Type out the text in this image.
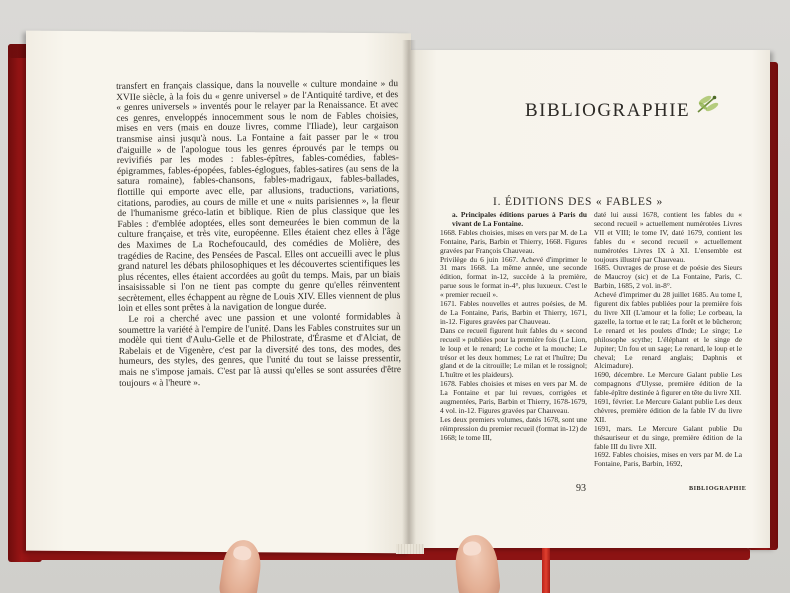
transfert en français classique, dans la nouvelle « culture mondaine » du XVIIe siècle, à la fois du « genre universel » de l'Antiquité tardive, et des « genres universels » inventés pour le relayer par la Renaissance. Et avec ces genres, enveloppés innocemment sous le nom de Fables choisies, mises en vers (mais en douze livres, comme l'Iliade), leur cargaison transmise ainsi jusqu'à nous. La Fontaine a fait passer par le « trou d'aiguille » de l'apologue tous les genres éprouvés par le temps ou revivifiés par les modes : fables-épîtres, fables-comédies, fables-épigrammes, fables-épopées, fables-églogues, fables-satires (au sens de la satura romaine), fables-chansons, fables-madrigaux, fables-ballades, flottille qui emporte avec elle, par allusions, traductions, variations, citations, parodies, au cours de mille et une « nuits parisiennes », la fleur de l'humanisme gréco-latin et biblique. Rien de plus classique que les Fables : d'emblée adoptées, elles sont demeurées le bien commun de la culture française, et très vite, européenne. Elles étaient chez elles à l'âge des Maximes de La Rochefoucauld, des comédies de Molière, des tragédies de Racine, des Pensées de Pascal. Elles ont accueilli avec le plus grand naturel les débats philosophiques et les découvertes scientifiques les plus récentes, elles étaient accordées au goût du temps. Mais, par un biais insaisissable si l'on ne tient pas compte du genre qu'elles réinventent secrètement, elles échappent au règne de Louis XIV. Elles viennent de plus loin et elles sont prêtes à la navigation de longue durée.

Le roi a cherché avec une passion et une volonté formidables à soumettre la variété à l'empire de l'unité. Dans les Fables construites sur un modèle qui tient d'Aulu-Gelle et de Philostrate, d'Érasme et d'Alciat, de Rabelais et de Vigenère, c'est par la diversité des tons, des modes, des humeurs, des styles, des genres, que l'unité du tout se laisse pressentir, mais ne s'impose jamais. C'est par là aussi qu'elles se sont assurées d'être toujours « à l'heure ».

BIBLIOGRAPHIE
I. ÉDITIONS DES « FABLES »
a. Principales éditions parues à Paris du vivant de La Fontaine.

1668. Fables choisies, mises en vers par M. de La Fontaine, Paris, Barbin et Thierry, 1668. Figures gravées par François Chauveau.

Privilège du 6 juin 1667. Achevé d'imprimer le 31 mars 1668. La même année, une seconde édition, format in-12, succède à la première, parue sous le format in-4°, plus luxueux. C'est le « premier recueil ».

1671. Fables nouvelles et autres poésies, de M. de La Fontaine, Paris, Barbin et Thierry, 1671, in-12. Figures gravées par Chauveau.

Dans ce recueil figurent huit fables du « second recueil » publiées pour la première fois (Le Lion, le loup et le renard; Le coche et la mouche; Le trésor et les deux hommes; Le rat et l'huître; Du gland et de la citrouille; Le milan et le rossignol; L'huître et les plaideurs).

1678. Fables choisies et mises en vers par M. de La Fontaine et par lui revues, corrigées et augmentées, Paris, Barbin et Thierry, 1678-1679, 4 vol. in-12. Figures gravées par Chauveau.

Les deux premiers volumes, datés 1678, sont une réimpression du premier recueil (format in-12) de 1668; le tome III,

daté lui aussi 1678, contient les fables du « second recueil » actuellement numérotées Livres VII et VIII; le tome IV, daté 1679, contient les fables du « second recueil » actuellement numérotées Livres IX à XI. L'ensemble est toujours illustré par Chauveau.

1685. Ouvrages de prose et de poésie des Sieurs de Maucroy (sic) et de La Fontaine, Paris, C. Barbin, 1685, 2 vol. in-8°.

Achevé d'imprimer du 28 juillet 1685. Au tome I, figurent dix fables publiées pour la première fois du livre XII (L'amour et la folie; Le corbeau, la gazelle, la tortue et le rat; La forêt et le bûcheron; Le renard et les poulets d'Inde; Le singe; Le philosophe scythe; L'éléphant et le singe de Jupiter; Un fou et un sage; Le renard, le loup et le cheval; Le renard anglais; Daphnis et Alcimadure).

1690, décembre. Le Mercure Galant publie Les compagnons d'Ulysse, première édition de la fable-épître destinée à figurer en tête du livre XII.

1691, février. Le Mercure Galant publie Les deux chèvres, première édition de la fable IV du livre XII.

1691, mars. Le Mercure Galant publie Du thésauriseur et du singe, première édition de la fable III du livre XII.

1692. Fables choisies, mises en vers par M. de La Fontaine, Paris, Barbin, 1692,

93	BIBLIOGRAPHIE
